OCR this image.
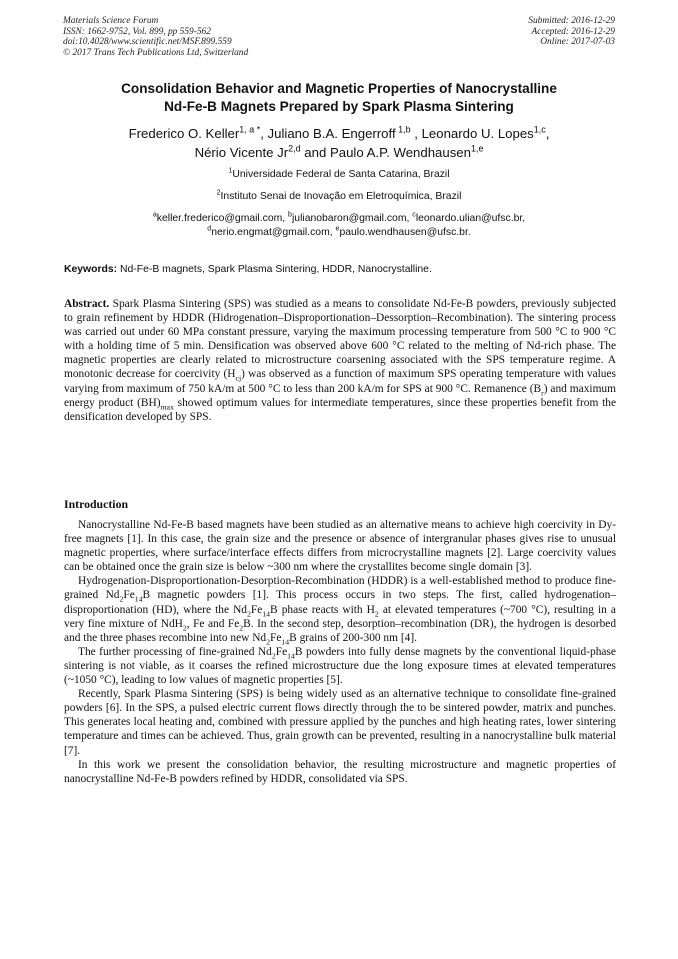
Materials Science Forum
ISSN: 1662-9752, Vol. 899, pp 559-562
doi:10.4028/www.scientific.net/MSF.899.559
© 2017 Trans Tech Publications Ltd, Switzerland
Submitted: 2016-12-29
Accepted: 2016-12-29
Online: 2017-07-03
Consolidation Behavior and Magnetic Properties of Nanocrystalline
Nd-Fe-B Magnets Prepared by Spark Plasma Sintering
Frederico O. Keller$^{1, a *}$, Juliano B.A. Engerroff $^{1,b}$ , Leonardo U. Lopes$^{1,c}$,
Nério Vicente Jr$^{2,d}$ and Paulo A.P. Wendhausen$^{1,e}$
$^1$Universidade Federal de Santa Catarina, Brazil
$^2$Instituto Senai de Inovação em Eletroquímica, Brazil
$^a$keller.frederico@gmail.com, $^b$julianobaron@gmail.com, $^c$leonardo.ulian@ufsc.br,
$^d$nerio.engmat@gmail.com, $^e$paulo.wendhausen@ufsc.br.
Keywords: Nd-Fe-B magnets, Spark Plasma Sintering, HDDR, Nanocrystalline.
Abstract. Spark Plasma Sintering (SPS) was studied as a means to consolidate Nd-Fe-B powders, previously subjected to grain refinement by HDDR (Hidrogenation–Disproportionation–Dessorption–Recombination). The sintering process was carried out under 60 MPa constant pressure, varying the maximum processing temperature from 500 °C to 900 °C with a holding time of 5 min. Densification was observed above 600 °C related to the melting of Nd-rich phase. The magnetic properties are clearly related to microstructure coarsening associated with the SPS temperature regime. A monotonic decrease for coercivity $(H_{cj})$ was observed as a function of maximum SPS operating temperature with values varying from maximum of 750 kA/m at 500 °C to less than 200 kA/m for SPS at 900 °C. Remanence $(B_r)$ and maximum energy product $(BH)_{max}$ showed optimum values for intermediate temperatures, since these properties benefit from the densification developed by SPS.
Introduction

Nanocrystalline Nd-Fe-B based magnets have been studied as an alternative means to achieve high coercivity in Dy-free magnets [1]. In this case, the grain size and the presence or absence of intergranular phases gives rise to unusual magnetic properties, where surface/interface effects differs from microcrystalline magnets [2]. Large coercivity values can be obtained once the grain size is below ~300 nm where the crystallites become single domain [3].

Hydrogenation-Disproportionation-Desorption-Recombination (HDDR) is a well-established method to produce fine-grained $Nd_2Fe_{14}B$ magnetic powders [1]. This process occurs in two steps. The first, called hydrogenation–disproportionation (HD), where the $Nd_2Fe_{14}B$ phase reacts with $H_2$ at elevated temperatures (~700 °C), resulting in a very fine mixture of NdH$_2$, Fe and $Fe_2B$. In the second step, desorption–recombination (DR), the hydrogen is desorbed and the three phases recombine into new $Nd_2Fe_{14}B$ grains of 200-300 nm [4].

The further processing of fine-grained $Nd_2Fe_{14}B$ powders into fully dense magnets by the conventional liquid-phase sintering is not viable, as it coarses the refined microstructure due the long exposure times at elevated temperatures (~1050 °C), leading to low values of magnetic properties [5].

Recently, Spark Plasma Sintering (SPS) is being widely used as an alternative technique to consolidate fine-grained powders [6]. In the SPS, a pulsed electric current flows directly through the to be sintered powder, matrix and punches. This generates local heating and, combined with pressure applied by the punches and high heating rates, lower sintering temperature and times can be achieved. Thus, grain growth can be prevented, resulting in a nanocrystalline bulk material [7].

In this work we present the consolidation behavior, the resulting microstructure and magnetic properties of nanocrystalline Nd-Fe-B powders refined by HDDR, consolidated via SPS.
